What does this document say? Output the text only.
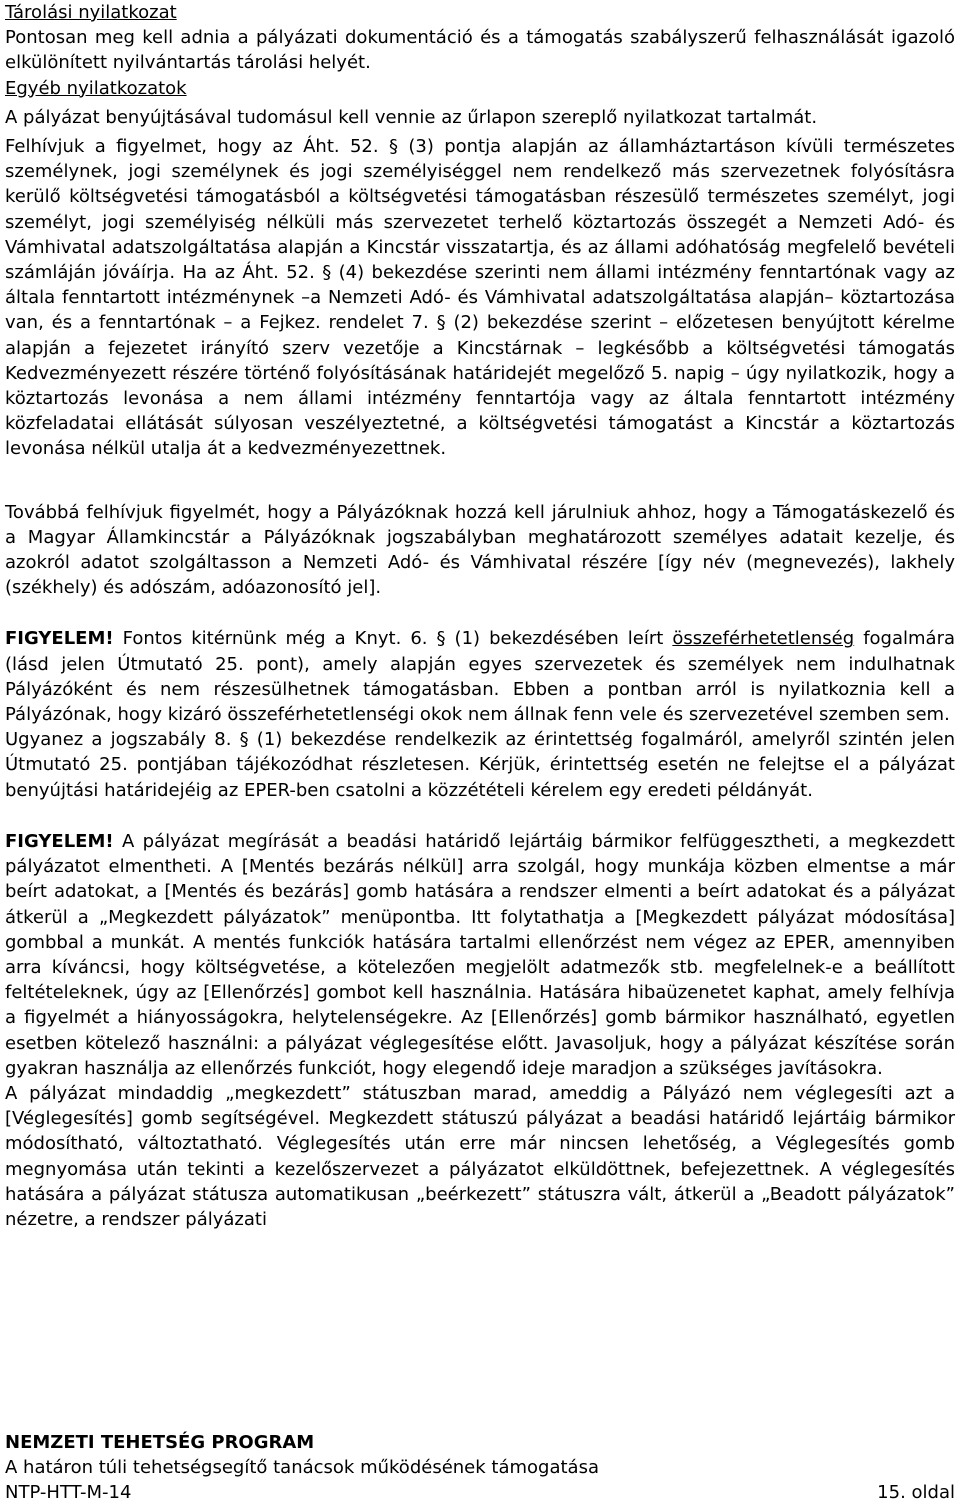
Tárolási nyilatkozat

Pontosan meg kell adnia a pályázati dokumentáció és a támogatás szabályszerű felhasználását igazoló elkülönített nyilvántartás tárolási helyét.

Egyéb nyilatkozatok

A pályázat benyújtásával tudomásul kell vennie az űrlapon szereplő nyilatkozat tartalmát.

Felhívjuk a figyelmet, hogy az Áht. 52. § (3) pontja alapján az államháztartáson kívüli természetes személynek, jogi személynek és jogi személyiséggel nem rendelkező más szervezetnek folyósításra kerülő költségvetési támogatásból a költségvetési támogatásban részesülő természetes személyt, jogi személyt, jogi személyiség nélküli más szervezetet terhelő köztartozás összegét a Nemzeti Adó- és Vámhivatal adatszolgáltatása alapján a Kincstár visszatartja, és az állami adóhatóság megfelelő bevételi számláján jóváírja. Ha az Áht. 52. § (4) bekezdése szerinti nem állami intézmény fenntartónak vagy az általa fenntartott intézménynek –a Nemzeti Adó- és Vámhivatal adatszolgáltatása alapján– köztartozása van, és a fenntartónak – a Fejkez. rendelet 7. § (2) bekezdése szerint – előzetesen benyújtott kérelme alapján a fejezetet irányító szerv vezetője a Kincstárnak – legkésőbb a költségvetési támogatás Kedvezményezett részére történő folyósításának határidejét megelőző 5. napig – úgy nyilatkozik, hogy a köztartozás levonása a nem állami intézmény fenntartója vagy az általa fenntartott intézmény közfeladatai ellátását súlyosan veszélyeztetné, a költségvetési támogatást a Kincstár a köztartozás levonása nélkül utalja át a kedvezményezettnek.

Továbbá felhívjuk figyelmét, hogy a Pályázóknak hozzá kell járulniuk ahhoz, hogy a Támogatáskezelő és a Magyar Államkincstár a Pályázóknak jogszabályban meghatározott személyes adatait kezelje, és azokról adatot szolgáltasson a Nemzeti Adó- és Vámhivatal részére [így név (megnevezés), lakhely (székhely) és adószám, adóazonosító jel].

FIGYELEM! Fontos kitérnünk még a Knyt. 6. § (1) bekezdésében leírt összeférhetetlenség fogalmára (lásd jelen Útmutató 25. pont), amely alapján egyes szervezetek és személyek nem indulhatnak Pályázóként és nem részesülhetnek támogatásban. Ebben a pontban arról is nyilatkoznia kell a Pályázónak, hogy kizáró összeférhetetlenségi okok nem állnak fenn vele és szervezetével szemben sem.

Ugyanez a jogszabály 8. § (1) bekezdése rendelkezik az érintettség fogalmáról, amelyről szintén jelen Útmutató 25. pontjában tájékozódhat részletesen. Kérjük, érintettség esetén ne felejtse el a pályázat benyújtási határidejéig az EPER-ben csatolni a közzétételi kérelem egy eredeti példányát.

FIGYELEM! A pályázat megírását a beadási határidő lejártáig bármikor felfüggesztheti, a megkezdett pályázatot elmentheti. A [Mentés bezárás nélkül] arra szolgál, hogy munkája közben elmentse a már beírt adatokat, a [Mentés és bezárás] gomb hatására a rendszer elmenti a beírt adatokat és a pályázat átkerül a „Megkezdett pályázatok” menüpontba. Itt folytathatja a [Megkezdett pályázat módosítása] gombbal a munkát. A mentés funkciók hatására tartalmi ellenőrzést nem végez az EPER, amennyiben arra kíváncsi, hogy költségvetése, a kötelezően megjelölt adatmezők stb. megfelelnek-e a beállított feltételeknek, úgy az [Ellenőrzés] gombot kell használnia. Hatására hibaüzenetet kaphat, amely felhívja a figyelmét a hiányosságokra, helytelenségekre. Az [Ellenőrzés] gomb bármikor használható, egyetlen esetben kötelező használni: a pályázat véglegesítése előtt. Javasoljuk, hogy a pályázat készítése során gyakran használja az ellenőrzés funkciót, hogy elegendő ideje maradjon a szükséges javításokra.

A pályázat mindaddig „megkezdett” státuszban marad, ameddig a Pályázó nem véglegesíti azt a [Véglegesítés] gomb segítségével. Megkezdett státuszú pályázat a beadási határidő lejártáig bármikor módosítható, változtatható. Véglegesítés után erre már nincsen lehetőség, a Véglegesítés gomb megnyomása után tekinti a kezelőszervezet a pályázatot elküldöttnek, befejezettnek. A véglegesítés hatására a pályázat státusza automatikusan „beérkezett” státuszra vált, átkerül a „Beadott pályázatok” nézetre, a rendszer pályázati

NEMZETI TEHETSÉG PROGRAM
A határon túli tehetségsegítő tanácsok működésének támogatása
NTP-HTT-M-14	15. oldal
